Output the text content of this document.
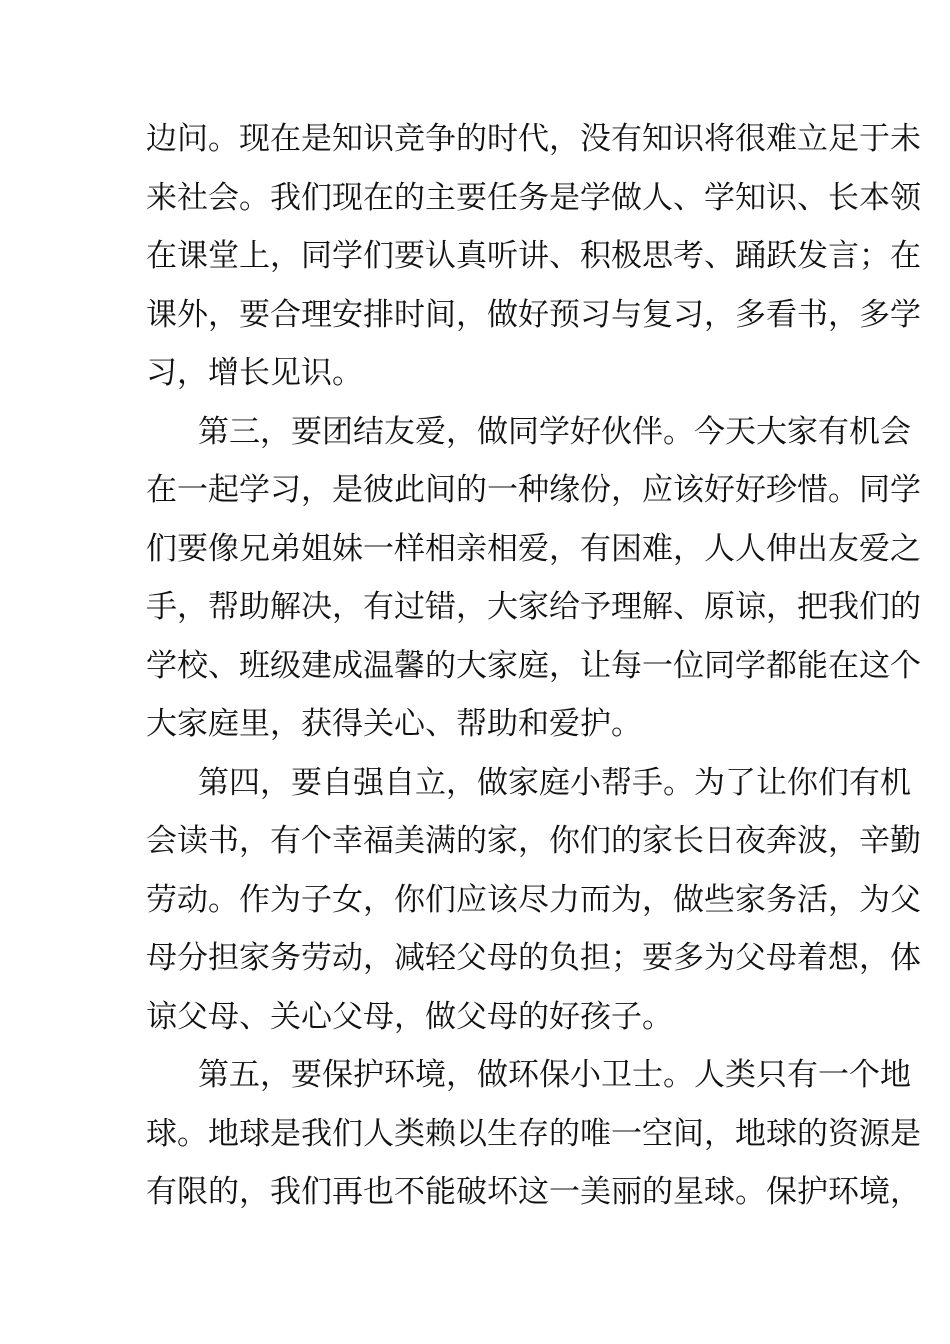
边问。现在是知识竞争的时代，没有知识将很难立足于未
来社会。我们现在的主要任务是学做人、学知识、长本领
在课堂上，同学们要认真听讲、积极思考、踊跃发言；在
课外，要合理安排时间，做好预习与复习，多看书，多学
习，增长见识。
第三，要团结友爱，做同学好伙伴。今天大家有机会
在一起学习，是彼此间的一种缘份，应该好好珍惜。同学
们要像兄弟姐妹一样相亲相爱，有困难，人人伸出友爱之
手，帮助解决，有过错，大家给予理解、原谅，把我们的
学校、班级建成温馨的大家庭，让每一位同学都能在这个
大家庭里，获得关心、帮助和爱护。
第四，要自强自立，做家庭小帮手。为了让你们有机
会读书，有个幸福美满的家，你们的家长日夜奔波，辛勤
劳动。作为子女，你们应该尽力而为，做些家务活，为父
母分担家务劳动，减轻父母的负担；要多为父母着想，体
谅父母、关心父母，做父母的好孩子。
第五，要保护环境，做环保小卫士。人类只有一个地
球。地球是我们人类赖以生存的唯一空间，地球的资源是
有限的，我们再也不能破坏这一美丽的星球。保护环境，
